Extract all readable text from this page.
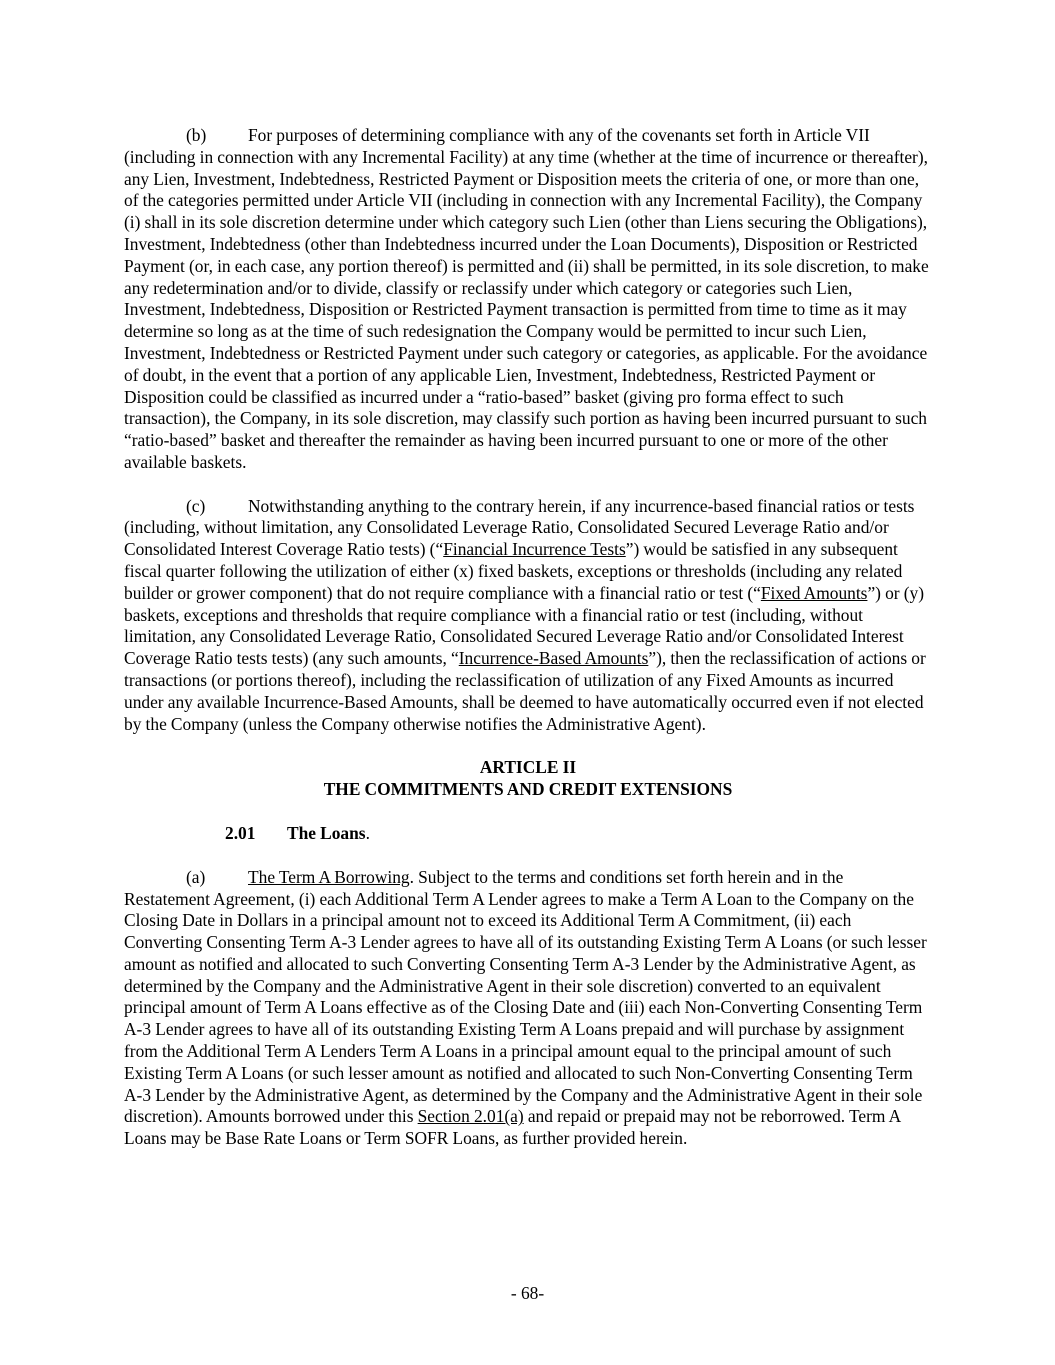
(b) For purposes of determining compliance with any of the covenants set forth in Article VII (including in connection with any Incremental Facility) at any time (whether at the time of incurrence or thereafter), any Lien, Investment, Indebtedness, Restricted Payment or Disposition meets the criteria of one, or more than one, of the categories permitted under Article VII (including in connection with any Incremental Facility), the Company (i) shall in its sole discretion determine under which category such Lien (other than Liens securing the Obligations), Investment, Indebtedness (other than Indebtedness incurred under the Loan Documents), Disposition or Restricted Payment (or, in each case, any portion thereof) is permitted and (ii) shall be permitted, in its sole discretion, to make any redetermination and/or to divide, classify or reclassify under which category or categories such Lien, Investment, Indebtedness, Disposition or Restricted Payment transaction is permitted from time to time as it may determine so long as at the time of such redesignation the Company would be permitted to incur such Lien, Investment, Indebtedness or Restricted Payment under such category or categories, as applicable. For the avoidance of doubt, in the event that a portion of any applicable Lien, Investment, Indebtedness, Restricted Payment or Disposition could be classified as incurred under a “ratio-based” basket (giving pro forma effect to such transaction), the Company, in its sole discretion, may classify such portion as having been incurred pursuant to such “ratio-based” basket and thereafter the remainder as having been incurred pursuant to one or more of the other available baskets.

(c) Notwithstanding anything to the contrary herein, if any incurrence-based financial ratios or tests (including, without limitation, any Consolidated Leverage Ratio, Consolidated Secured Leverage Ratio and/or Consolidated Interest Coverage Ratio tests) (“Financial Incurrence Tests”) would be satisfied in any subsequent fiscal quarter following the utilization of either (x) fixed baskets, exceptions or thresholds (including any related builder or grower component) that do not require compliance with a financial ratio or test (“Fixed Amounts”) or (y) baskets, exceptions and thresholds that require compliance with a financial ratio or test (including, without limitation, any Consolidated Leverage Ratio, Consolidated Secured Leverage Ratio and/or Consolidated Interest Coverage Ratio tests tests) (any such amounts, “Incurrence-Based Amounts”), then the reclassification of actions or transactions (or portions thereof), including the reclassification of utilization of any Fixed Amounts as incurred under any available Incurrence-Based Amounts, shall be deemed to have automatically occurred even if not elected by the Company (unless the Company otherwise notifies the Administrative Agent).

ARTICLE II

THE COMMITMENTS AND CREDIT EXTENSIONS

2.01 The Loans.

(a) The Term A Borrowing. Subject to the terms and conditions set forth herein and in the Restatement Agreement, (i) each Additional Term A Lender agrees to make a Term A Loan to the Company on the Closing Date in Dollars in a principal amount not to exceed its Additional Term A Commitment, (ii) each Converting Consenting Term A-3 Lender agrees to have all of its outstanding Existing Term A Loans (or such lesser amount as notified and allocated to such Converting Consenting Term A-3 Lender by the Administrative Agent, as determined by the Company and the Administrative Agent in their sole discretion) converted to an equivalent principal amount of Term A Loans effective as of the Closing Date and (iii) each Non-Converting Consenting Term A-3 Lender agrees to have all of its outstanding Existing Term A Loans prepaid and will purchase by assignment from the Additional Term A Lenders Term A Loans in a principal amount equal to the principal amount of such Existing Term A Loans (or such lesser amount as notified and allocated to such Non-Converting Consenting Term A-3 Lender by the Administrative Agent, as determined by the Company and the Administrative Agent in their sole discretion). Amounts borrowed under this Section 2.01(a) and repaid or prepaid may not be reborrowed. Term A Loans may be Base Rate Loans or Term SOFR Loans, as further provided herein.

- 68-
